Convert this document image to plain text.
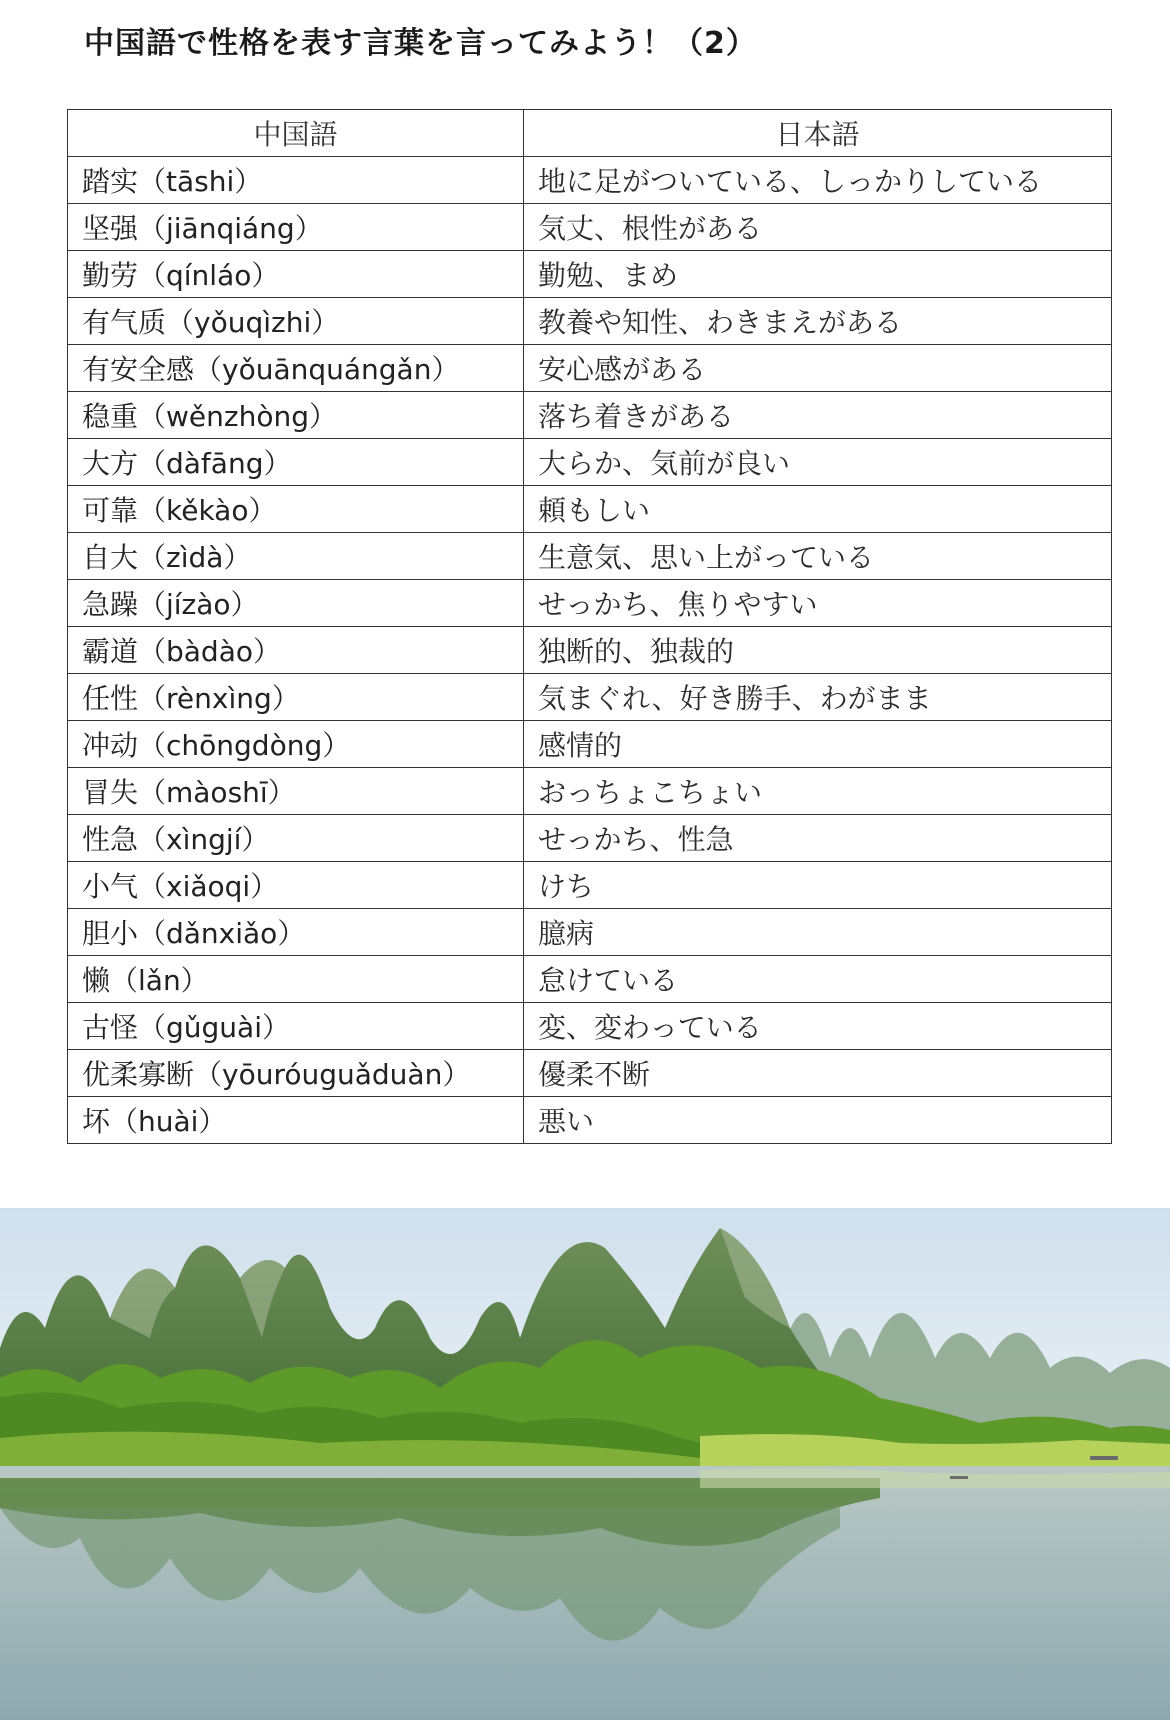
中国語で性格を表す言葉を言ってみよう！（2）
中国語	日本語
踏实（tāshi）	地に足がついている、しっかりしている
坚强（jiānqiáng）	気丈、根性がある
勤劳（qínláo）	勤勉、まめ
有气质（yǒuqìzhi）	教養や知性、わきまえがある
有安全感（yǒuānquángǎn）	安心感がある
稳重（wěnzhòng）	落ち着きがある
大方（dàfāng）	大らか、気前が良い
可靠（kěkào）	頼もしい
自大（zìdà）	生意気、思い上がっている
急躁（jízào）	せっかち、焦りやすい
霸道（bàdào）	独断的、独裁的
任性（rènxìng）	気まぐれ、好き勝手、わがまま
冲动（chōngdòng）	感情的
冒失（màoshī）	おっちょこちょい
性急（xìngjí）	せっかち、性急
小气（xiǎoqi）	けち
胆小（dǎnxiǎo）	臆病
懒（lǎn）	怠けている
古怪（gǔguài）	変、変わっている
优柔寡断（yōuróuguǎduàn）	優柔不断
坏（huài）	悪い
